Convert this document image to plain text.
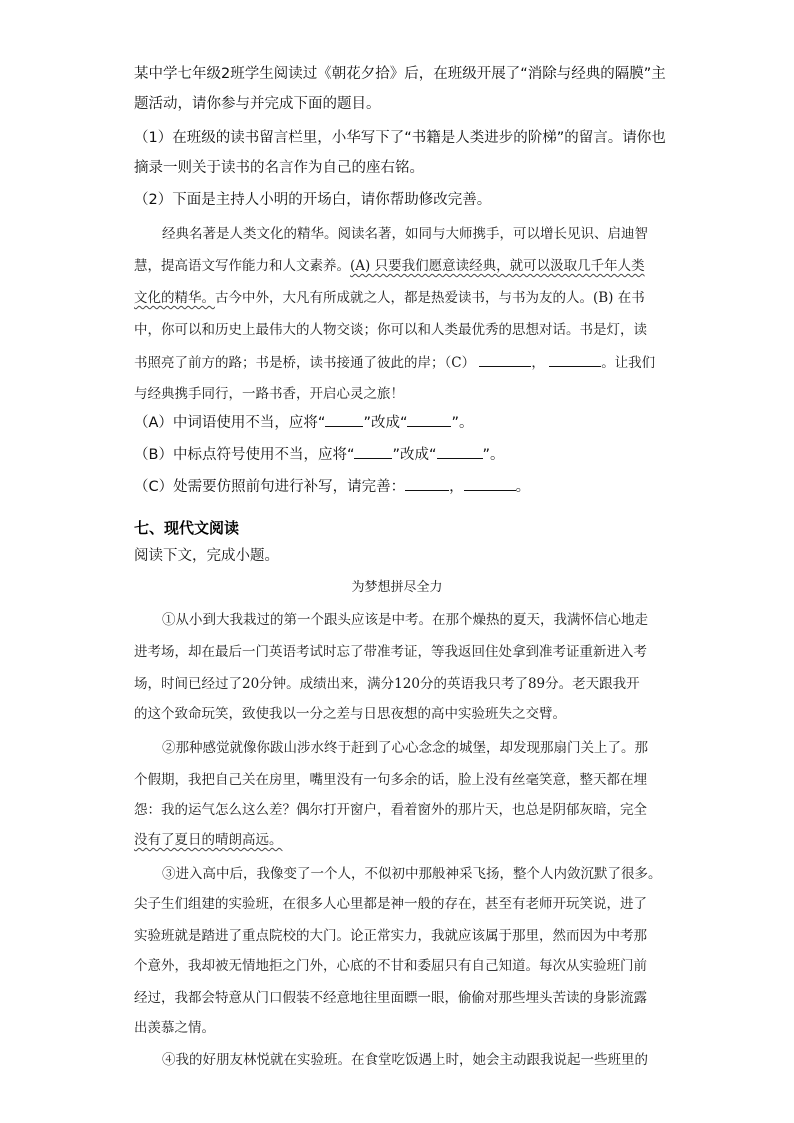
某中学七年级2班学生阅读过《朝花夕拾》后，在班级开展了“消除与经典的隔膜”主
题活动，请你参与并完成下面的题目。
（1）在班级的读书留言栏里，小华写下了“书籍是人类进步的阶梯”的留言。请你也
摘录一则关于读书的名言作为自己的座右铭。
（2）下面是主持人小明的开场白，请你帮助修改完善。
经典名著是人类文化的精华。阅读名著，如同与大师携手，可以增长见识、启迪智
慧，提高语文写作能力和人文素养。(A) 只要我们愿意读经典，就可以汲取几千年人类
文化的精华。古今中外，大凡有所成就之人，都是热爱读书，与书为友的人。(B) 在书
中，你可以和历史上最伟大的人物交谈；你可以和人类最优秀的思想对话。书是灯，读
书照亮了前方的路；书是桥，读书接通了彼此的岸；（C）	，	。让我们
与经典携手同行，一路书香，开启心灵之旅！
（A）中词语使用不当，应将“	”改成“	”。
（B）中标点符号使用不当，应将“	”改成“	”。
（C）处需要仿照前句进行补写，请完善：	，	。
七、现代文阅读
阅读下文，完成小题。
为梦想拼尽全力
①从小到大我栽过的第一个跟头应该是中考。在那个燥热的夏天，我满怀信心地走
进考场，却在最后一门英语考试时忘了带准考证，等我返回住处拿到准考证重新进入考
场，时间已经过了20分钟。成绩出来，满分120分的英语我只考了89分。老天跟我开
的这个致命玩笑，致使我以一分之差与日思夜想的高中实验班失之交臂。
②那种感觉就像你跋山涉水终于赶到了心心念念的城堡，却发现那扇门关上了。那
个假期，我把自己关在房里，嘴里没有一句多余的话，脸上没有丝毫笑意，整天都在埋
怨：我的运气怎么这么差？偶尔打开窗户，看着窗外的那片天，也总是阴郁灰暗，完全
没有了夏日的晴朗高远。
③进入高中后，我像变了一个人，不似初中那般神采飞扬，整个人内敛沉默了很多。
尖子生们组建的实验班，在很多人心里都是神一般的存在，甚至有老师开玩笑说，进了
实验班就是踏进了重点院校的大门。论正常实力，我就应该属于那里，然而因为中考那
个意外，我却被无情地拒之门外，心底的不甘和委屈只有自己知道。每次从实验班门前
经过，我都会特意从门口假装不经意地往里面瞟一眼，偷偷对那些埋头苦读的身影流露
出羡慕之情。
④我的好朋友林悦就在实验班。在食堂吃饭遇上时，她会主动跟我说起一些班里的
